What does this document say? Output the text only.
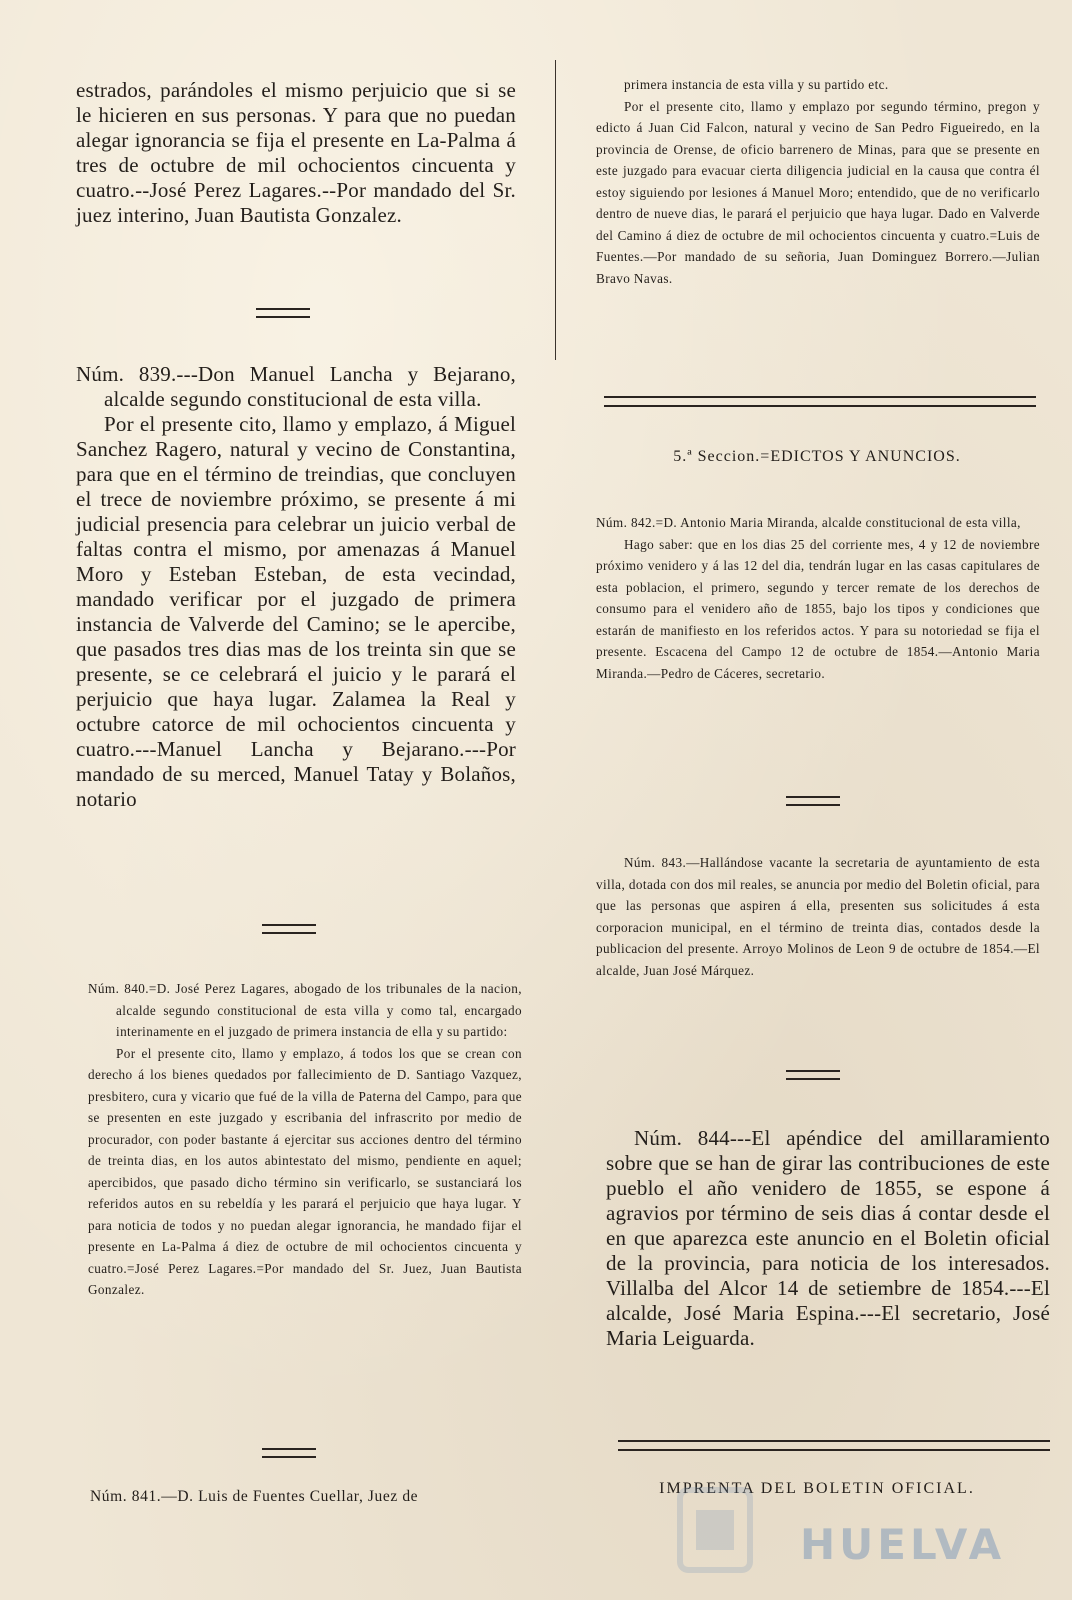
estrados, parándoles el mismo perjuicio que si se le hicieren en sus personas. Y para que no puedan alegar ignorancia se fija el presente en La-Palma á tres de octubre de mil ochocientos cincuenta y cuatro.--José Perez Lagares.--Por mandado del Sr. juez interino, Juan Bautista Gonzalez.

Núm. 839.---Don Manuel Lancha y Bejarano, alcalde segundo constitucional de esta villa.

Por el presente cito, llamo y emplazo, á Miguel Sanchez Ragero, natural y vecino de Constantina, para que en el término de treindias, que concluyen el trece de noviembre próximo, se presente á mi judicial presencia para celebrar un juicio verbal de faltas contra el mismo, por amenazas á Manuel Moro y Esteban Esteban, de esta vecindad, mandado verificar por el juzgado de primera instancia de Valverde del Camino; se le apercibe, que pasados tres dias mas de los treinta sin que se presente, se ce celebrará el juicio y le parará el perjuicio que haya lugar. Zalamea la Real y octubre catorce de mil ochocientos cincuenta y cuatro.---Manuel Lancha y Bejarano.---Por mandado de su merced, Manuel Tatay y Bolaños, notario

Núm. 840.=D. José Perez Lagares, abogado de los tribunales de la nacion, alcalde segundo constitucional de esta villa y como tal, encargado interinamente en el juzgado de primera instancia de ella y su partido:

Por el presente cito, llamo y emplazo, á todos los que se crean con derecho á los bienes quedados por fallecimiento de D. Santiago Vazquez, presbitero, cura y vicario que fué de la villa de Paterna del Campo, para que se presenten en este juzgado y escribania del infrascrito por medio de procurador, con poder bastante á ejercitar sus acciones dentro del término de treinta dias, en los autos abintestato del mismo, pendiente en aquel; apercibidos, que pasado dicho término sin verificarlo, se sustanciará los referidos autos en su rebeldía y les parará el perjuicio que haya lugar. Y para noticia de todos y no puedan alegar ignorancia, he mandado fijar el presente en La-Palma á diez de octubre de mil ochocientos cincuenta y cuatro.=José Perez Lagares.=Por mandado del Sr. Juez, Juan Bautista Gonzalez.

Núm. 841.—D. Luis de Fuentes Cuellar, Juez de

primera instancia de esta villa y su partido etc.

Por el presente cito, llamo y emplazo por segundo término, pregon y edicto á Juan Cid Falcon, natural y vecino de San Pedro Figueiredo, en la provincia de Orense, de oficio barrenero de Minas, para que se presente en este juzgado para evacuar cierta diligencia judicial en la causa que contra él estoy siguiendo por lesiones á Manuel Moro; entendido, que de no verificarlo dentro de nueve dias, le parará el perjuicio que haya lugar. Dado en Valverde del Camino á diez de octubre de mil ochocientos cincuenta y cuatro.=Luis de Fuentes.—Por mandado de su señoria, Juan Dominguez Borrero.—Julian Bravo Navas.

5.ª Seccion.=EDICTOS Y ANUNCIOS.

Núm. 842.=D. Antonio Maria Miranda, alcalde constitucional de esta villa,

Hago saber: que en los dias 25 del corriente mes, 4 y 12 de noviembre próximo venidero y á las 12 del dia, tendrán lugar en las casas capitulares de esta poblacion, el primero, segundo y tercer remate de los derechos de consumo para el venidero año de 1855, bajo los tipos y condiciones que estarán de manifiesto en los referidos actos. Y para su notoriedad se fija el presente. Escacena del Campo 12 de octubre de 1854.—Antonio Maria Miranda.—Pedro de Cáceres, secretario.

Núm. 843.—Hallándose vacante la secretaria de ayuntamiento de esta villa, dotada con dos mil reales, se anuncia por medio del Boletin oficial, para que las personas que aspiren á ella, presenten sus solicitudes á esta corporacion municipal, en el término de treinta dias, contados desde la publicacion del presente. Arroyo Molinos de Leon 9 de octubre de 1854.—El alcalde, Juan José Márquez.

Núm. 844---El apéndice del amillaramiento sobre que se han de girar las contribuciones de este pueblo el año venidero de 1855, se espone á agravios por término de seis dias á contar desde el en que aparezca este anuncio en el Boletin oficial de la provincia, para noticia de los interesados. Villalba del Alcor 14 de setiembre de 1854.---El alcalde, José Maria Espina.---El secretario, José Maria Leiguarda.

IMPRENTA DEL BOLETIN OFICIAL.
HUELVA
